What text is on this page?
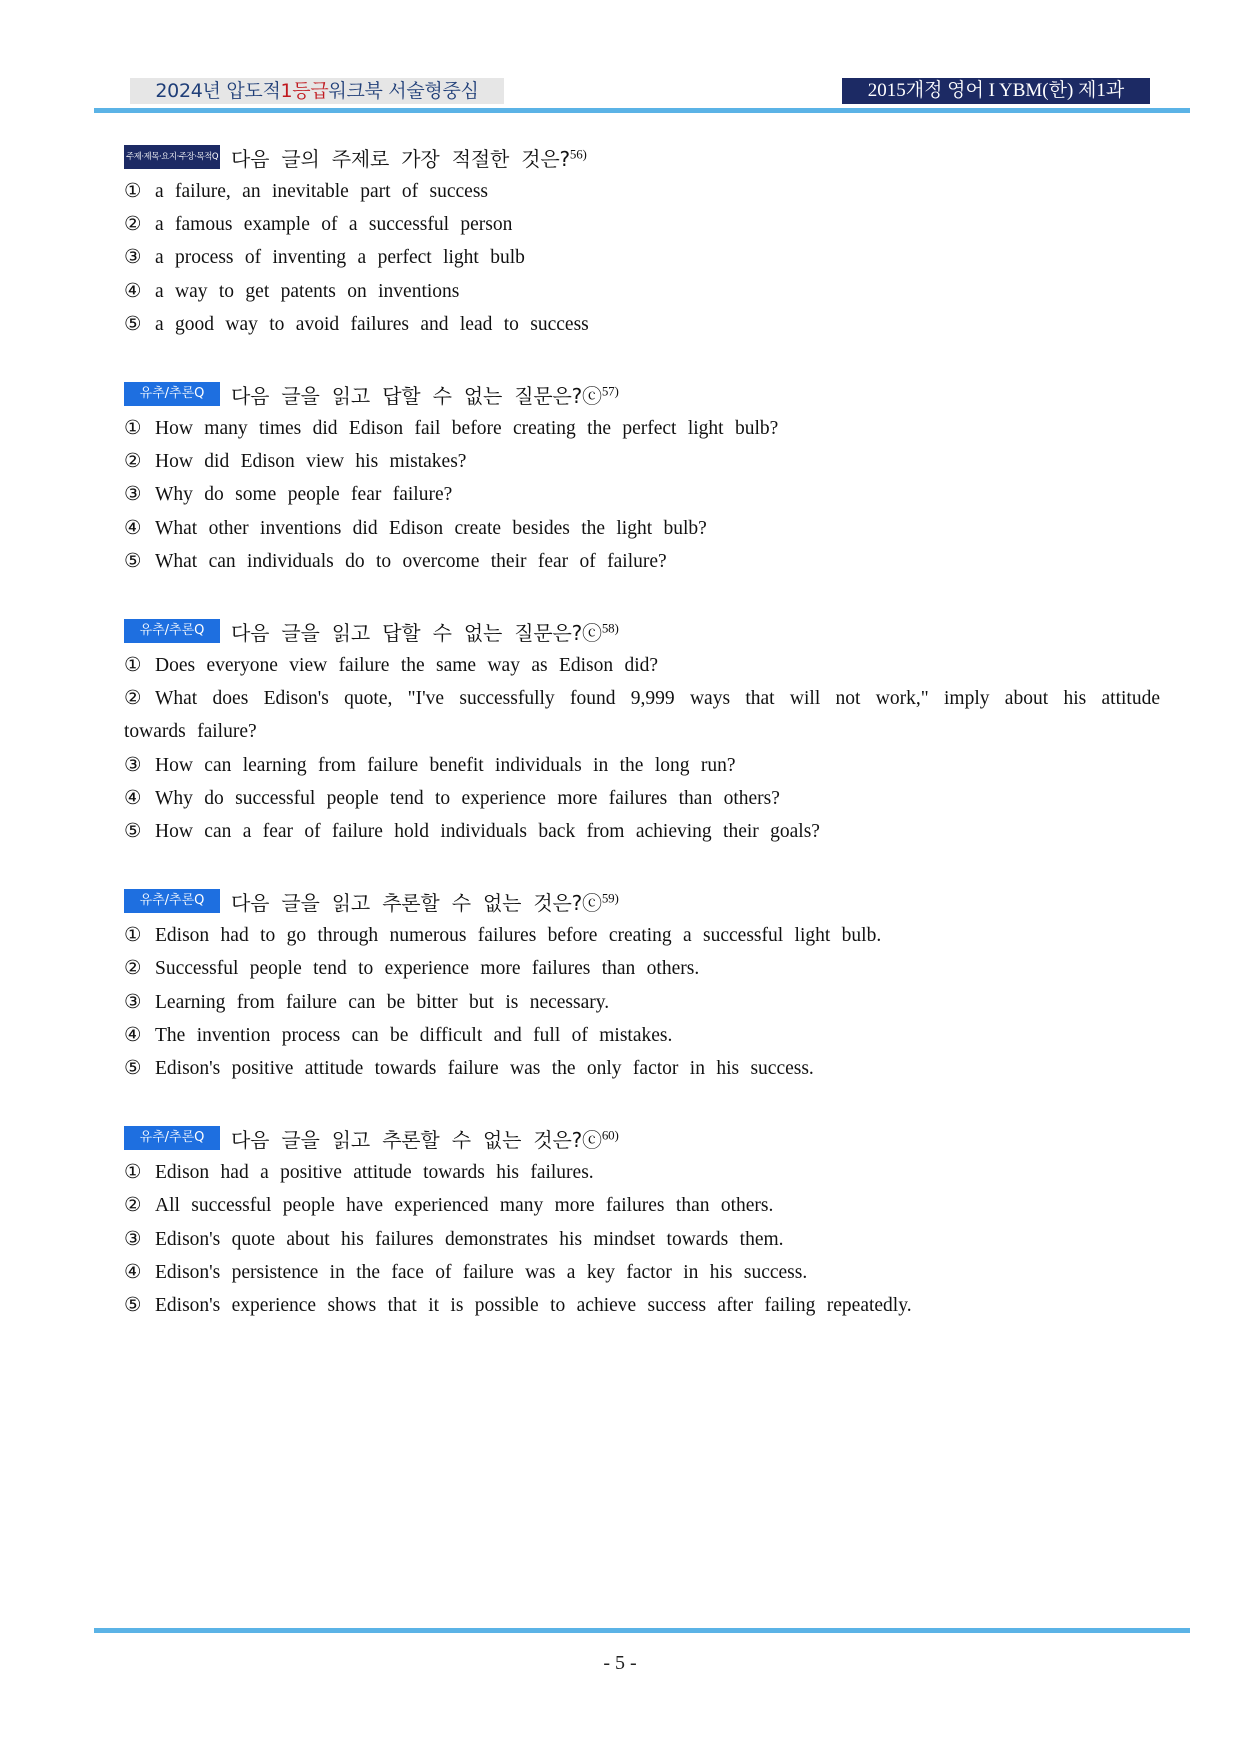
2024년 압도적1등급워크북 서술형중심	2015개정 영어 I YBM(한) 제1과
주제·제목·요지·주장·목적Q 다음 글의 주제로 가장 적절한 것은?$^{56)}$
① a failure, an inevitable part of success
② a famous example of a successful person
③ a process of inventing a perfect light bulb
④ a way to get patents on inventions
⑤ a good way to avoid failures and lead to success
유추/추론Q	다음 글을 읽고 답할 수 없는 질문은?ⓒ$^{57)}$
① How many times did Edison fail before creating the perfect light bulb?
② How did Edison view his mistakes?
③ Why do some people fear failure?
④ What other inventions did Edison create besides the light bulb?
⑤ What can individuals do to overcome their fear of failure?
유추/추론Q	다음 글을 읽고 답할 수 없는 질문은?ⓒ$^{58)}$
① Does everyone view failure the same way as Edison did?
② What does Edison's quote, "I've successfully found 9,999 ways that will not work," imply about his attitude towards failure?
③ How can learning from failure benefit individuals in the long run?
④ Why do successful people tend to experience more failures than others?
⑤ How can a fear of failure hold individuals back from achieving their goals?
유추/추론Q	다음 글을 읽고 추론할 수 없는 것은?ⓒ$^{59)}$
① Edison had to go through numerous failures before creating a successful light bulb.
② Successful people tend to experience more failures than others.
③ Learning from failure can be bitter but is necessary.
④ The invention process can be difficult and full of mistakes.
⑤ Edison's positive attitude towards failure was the only factor in his success.
유추/추론Q	다음 글을 읽고 추론할 수 없는 것은?ⓒ$^{60)}$
① Edison had a positive attitude towards his failures.
② All successful people have experienced many more failures than others.
③ Edison's quote about his failures demonstrates his mindset towards them.
④ Edison's persistence in the face of failure was a key factor in his success.
⑤ Edison's experience shows that it is possible to achieve success after failing repeatedly.
- 5 -
